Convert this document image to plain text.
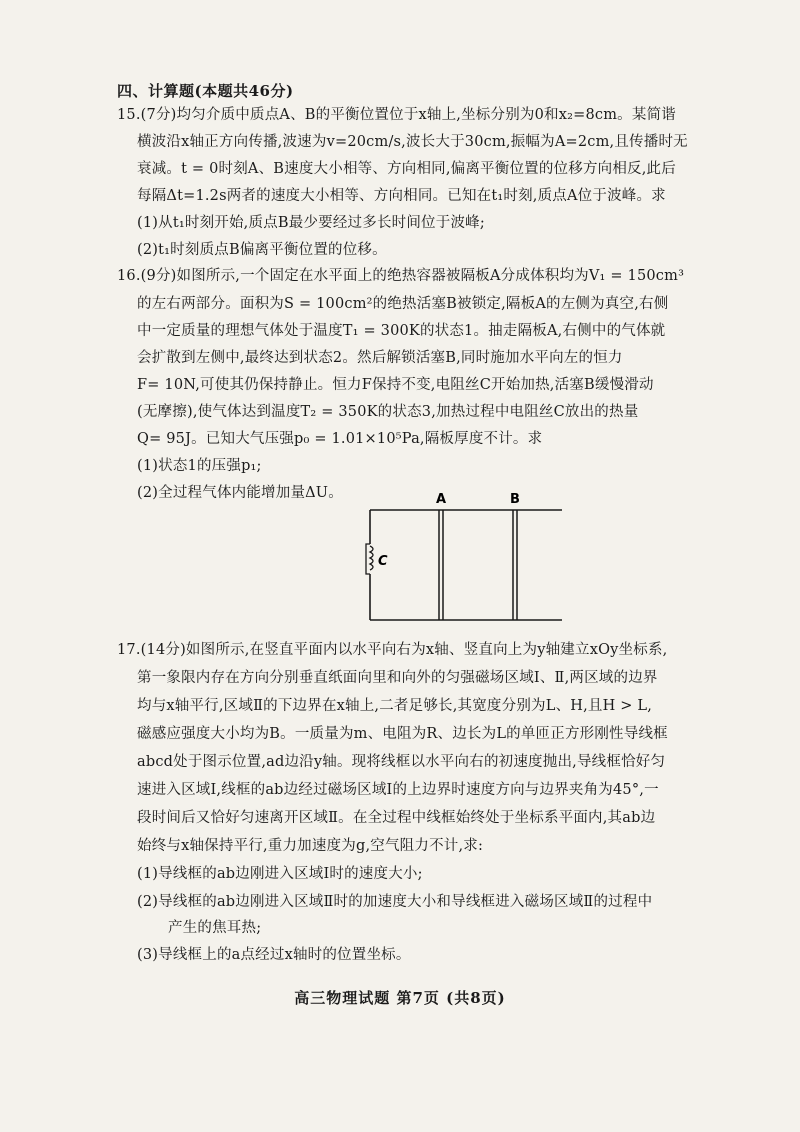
四、计算题(本题共46分)
15.(7分)均匀介质中质点A、B的平衡位置位于x轴上,坐标分别为0和x₂=8cm。某简谐
横波沿x轴正方向传播,波速为v=20cm/s,波长大于30cm,振幅为A=2cm,且传播时无
衰减。t = 0时刻A、B速度大小相等、方向相同,偏离平衡位置的位移方向相反,此后
每隔Δt=1.2s两者的速度大小相等、方向相同。已知在t₁时刻,质点A位于波峰。求
(1)从t₁时刻开始,质点B最少要经过多长时间位于波峰;
(2)t₁时刻质点B偏离平衡位置的位移。
16.(9分)如图所示,一个固定在水平面上的绝热容器被隔板A分成体积均为V₁ = 150cm³
的左右两部分。面积为S = 100cm²的绝热活塞B被锁定,隔板A的左侧为真空,右侧
中一定质量的理想气体处于温度T₁ = 300K的状态1。抽走隔板A,右侧中的气体就
会扩散到左侧中,最终达到状态2。然后解锁活塞B,同时施加水平向左的恒力
F= 10N,可使其仍保持静止。恒力F保持不变,电阻丝C开始加热,活塞B缓慢滑动
(无摩擦),使气体达到温度T₂ = 350K的状态3,加热过程中电阻丝C放出的热量
Q= 95J。已知大气压强p₀ = 1.01×10⁵Pa,隔板厚度不计。求
(1)状态1的压强p₁;
(2)全过程气体内能增加量ΔU。	A	B
C
17.(14分)如图所示,在竖直平面内以水平向右为x轴、竖直向上为y轴建立xOy坐标系,
第一象限内存在方向分别垂直纸面向里和向外的匀强磁场区域Ⅰ、Ⅱ,两区域的边界
均与x轴平行,区域Ⅱ的下边界在x轴上,二者足够长,其宽度分别为L、H,且H > L,
磁感应强度大小均为B。一质量为m、电阻为R、边长为L的单匝正方形刚性导线框
abcd处于图示位置,ad边沿y轴。现将线框以水平向右的初速度抛出,导线框恰好匀
速进入区域Ⅰ,线框的ab边经过磁场区域Ⅰ的上边界时速度方向与边界夹角为45°,一
段时间后又恰好匀速离开区域Ⅱ。在全过程中线框始终处于坐标系平面内,其ab边
始终与x轴保持平行,重力加速度为g,空气阻力不计,求:
(1)导线框的ab边刚进入区域Ⅰ时的速度大小;
(2)导线框的ab边刚进入区域Ⅱ时的加速度大小和导线框进入磁场区域Ⅱ的过程中
产生的焦耳热;
(3)导线框上的a点经过x轴时的位置坐标。
高三物理试题 第7页 (共8页)
